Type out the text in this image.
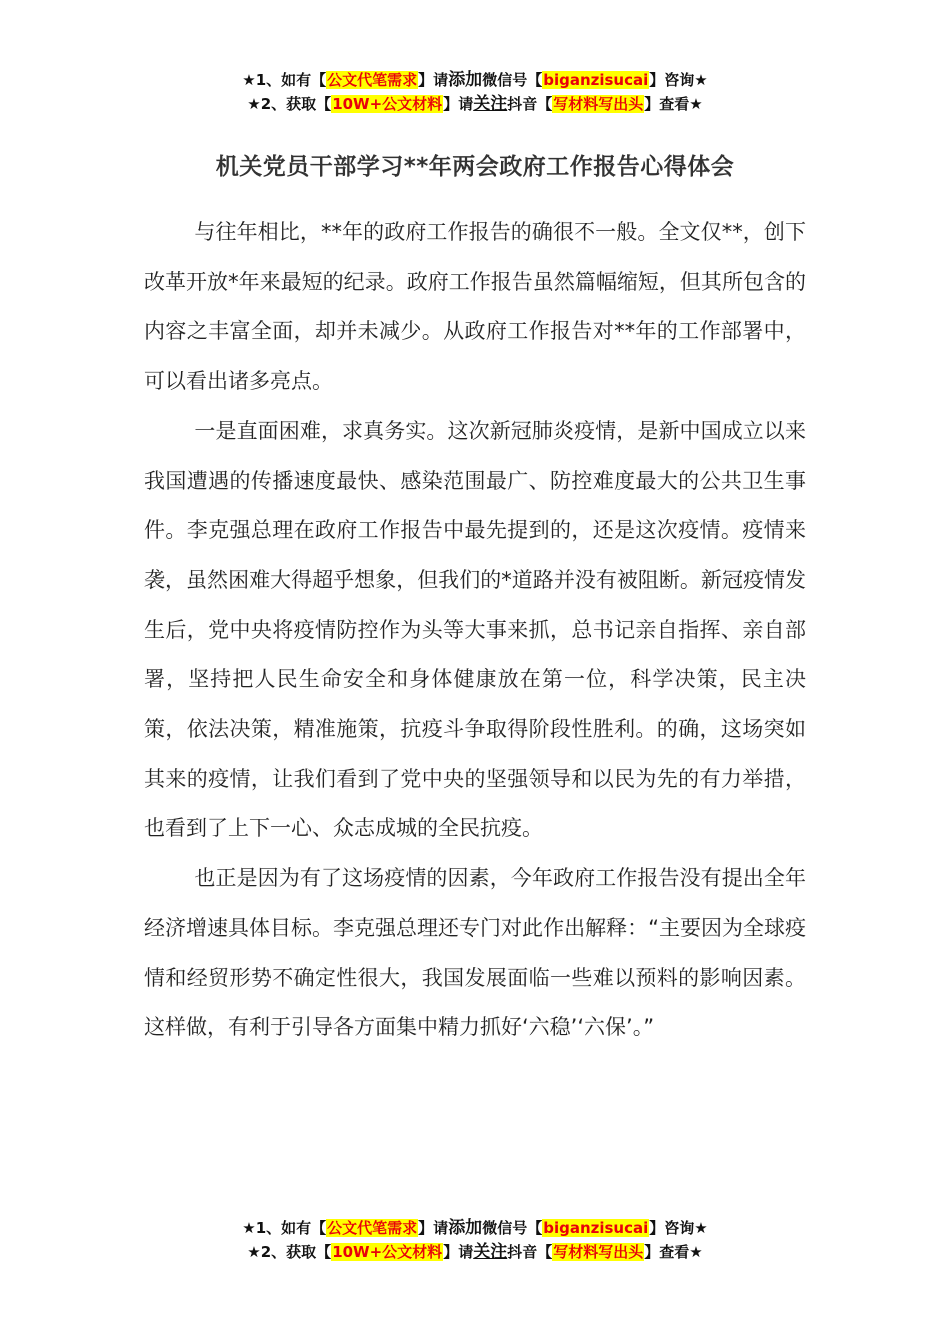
★1、如有【公文代笔需求】请添加微信号【biganzisucai】咨询★
★2、获取【10W+公文材料】请关注抖音【写材料写出头】查看★
机关党员干部学习**年两会政府工作报告心得体会

与往年相比，**年的政府工作报告的确很不一般。全文仅**，创下改革开放*年来最短的纪录。政府工作报告虽然篇幅缩短，但其所包含的内容之丰富全面，却并未减少。从政府工作报告对**年的工作部署中，可以看出诸多亮点。

一是直面困难，求真务实。这次新冠肺炎疫情，是新中国成立以来我国遭遇的传播速度最快、感染范围最广、防控难度最大的公共卫生事件。李克强总理在政府工作报告中最先提到的，还是这次疫情。疫情来袭，虽然困难大得超乎想象，但我们的*道路并没有被阻断。新冠疫情发生后，党中央将疫情防控作为头等大事来抓，总书记亲自指挥、亲自部署，坚持把人民生命安全和身体健康放在第一位，科学决策，民主决策，依法决策，精准施策，抗疫斗争取得阶段性胜利。的确，这场突如其来的疫情，让我们看到了党中央的坚强领导和以民为先的有力举措，也看到了上下一心、众志成城的全民抗疫。

也正是因为有了这场疫情的因素，今年政府工作报告没有提出全年经济增速具体目标。李克强总理还专门对此作出解释：“主要因为全球疫情和经贸形势不确定性很大，我国发展面临一些难以预料的影响因素。这样做，有利于引导各方面集中精力抓好‘六稳’‘六保’。”

★1、如有【公文代笔需求】请添加微信号【biganzisucai】咨询★
★2、获取【10W+公文材料】请关注抖音【写材料写出头】查看★
